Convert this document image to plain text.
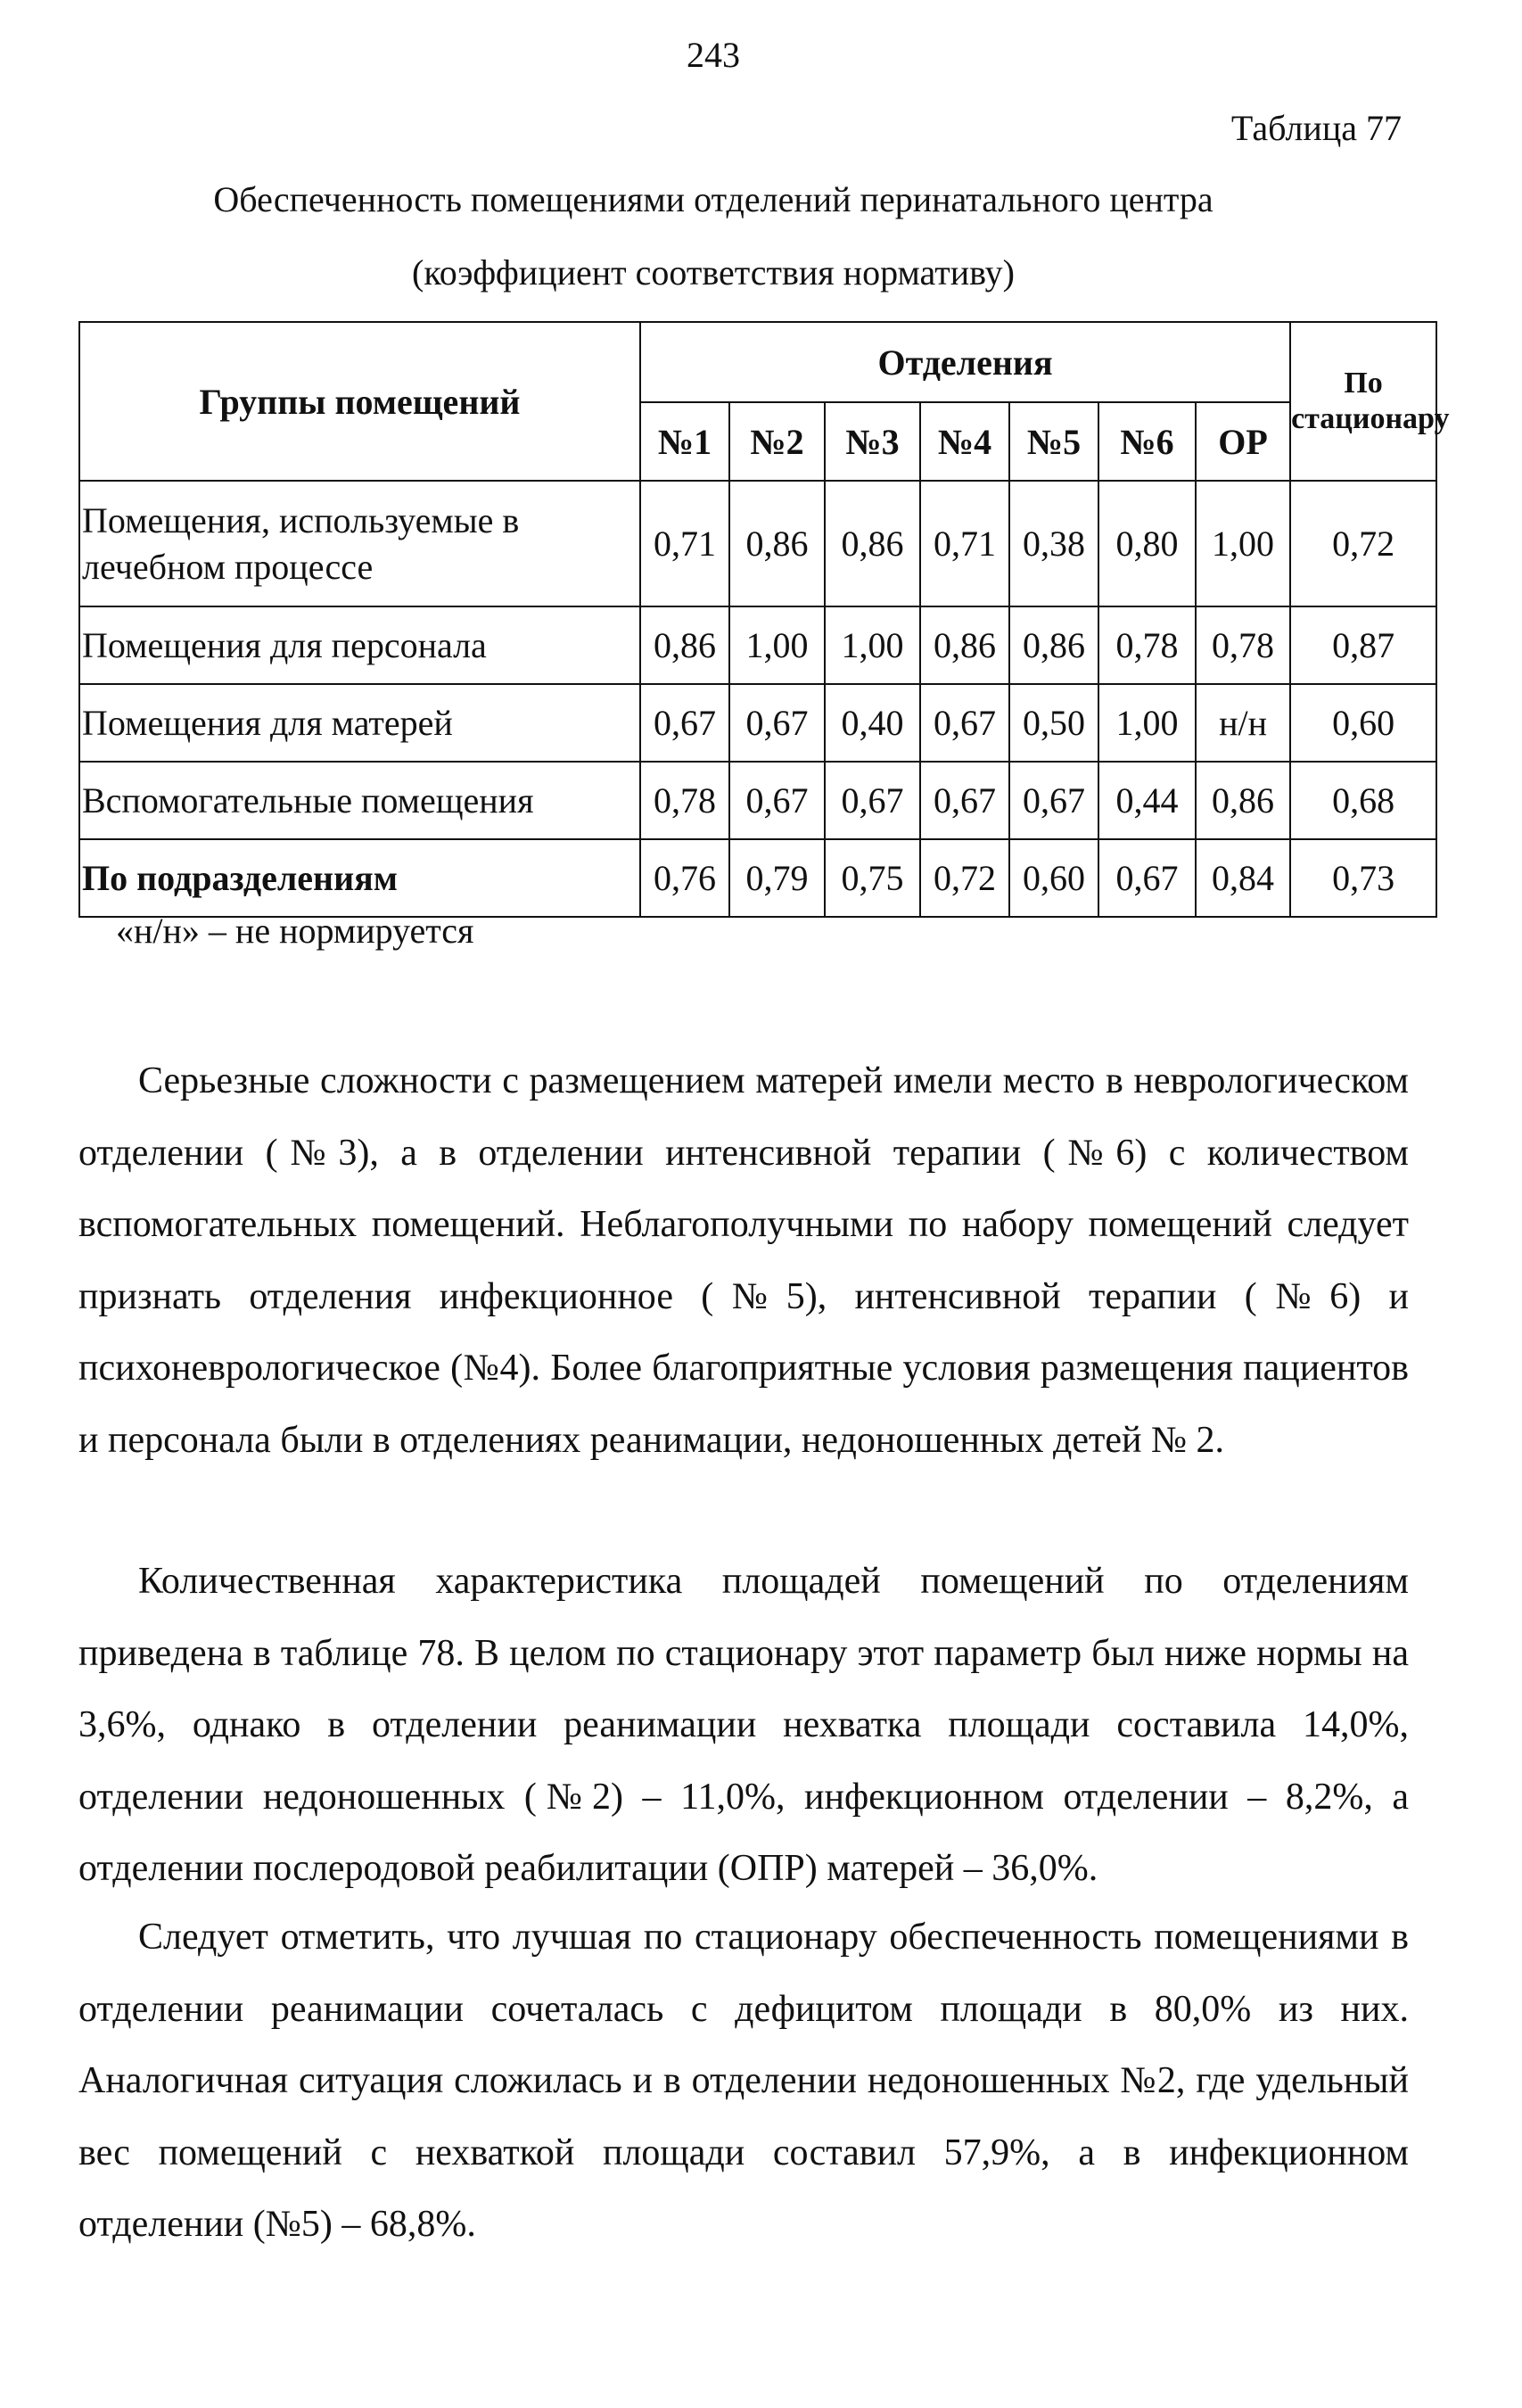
243
Таблица 77
Обеспеченность помещениями отделений перинатального центра
(коэффициент соответствия нормативу)
Группы помещений	Отделения							По стационару
	№1	№2	№3	№4	№5	№6	ОР	
Помещения, используемые в лечебном процессе	0,71	0,86	0,86	0,71	0,38	0,80	1,00	0,72
Помещения для персонала	0,86	1,00	1,00	0,86	0,86	0,78	0,78	0,87
Помещения для матерей	0,67	0,67	0,40	0,67	0,50	1,00	н/н	0,60
Вспомогательные помещения	0,78	0,67	0,67	0,67	0,67	0,44	0,86	0,68
По подразделениям	0,76	0,79	0,75	0,72	0,60	0,67	0,84	0,73
«н/н» – не нормируется

Серьезные сложности с размещением матерей имели место в неврологическом отделении (№3), а в отделении интенсивной терапии (№6) с количеством вспомогательных помещений. Неблагополучными по набору помещений следует признать отделения инфекционное (№5), интенсивной терапии (№6) и психоневрологическое (№4). Более благоприятные условия размещения пациентов и персонала были в отделениях реанимации, недоношенных детей № 2.

Количественная характеристика площадей помещений по отделениям приведена в таблице 78. В целом по стационару этот параметр был ниже нормы на 3,6%, однако в отделении реанимации нехватка площади составила 14,0%, отделении недоношенных (№2) – 11,0%, инфекционном отделении – 8,2%, а отделении послеродовой реабилитации (ОПР) матерей – 36,0%.

Следует отметить, что лучшая по стационару обеспеченность помещениями в отделении реанимации сочеталась с дефицитом площади в 80,0% из них. Аналогичная ситуация сложилась и в отделении недоношенных №2, где удельный вес помещений с нехваткой площади составил 57,9%, а в инфекционном отделении (№5) – 68,8%.
